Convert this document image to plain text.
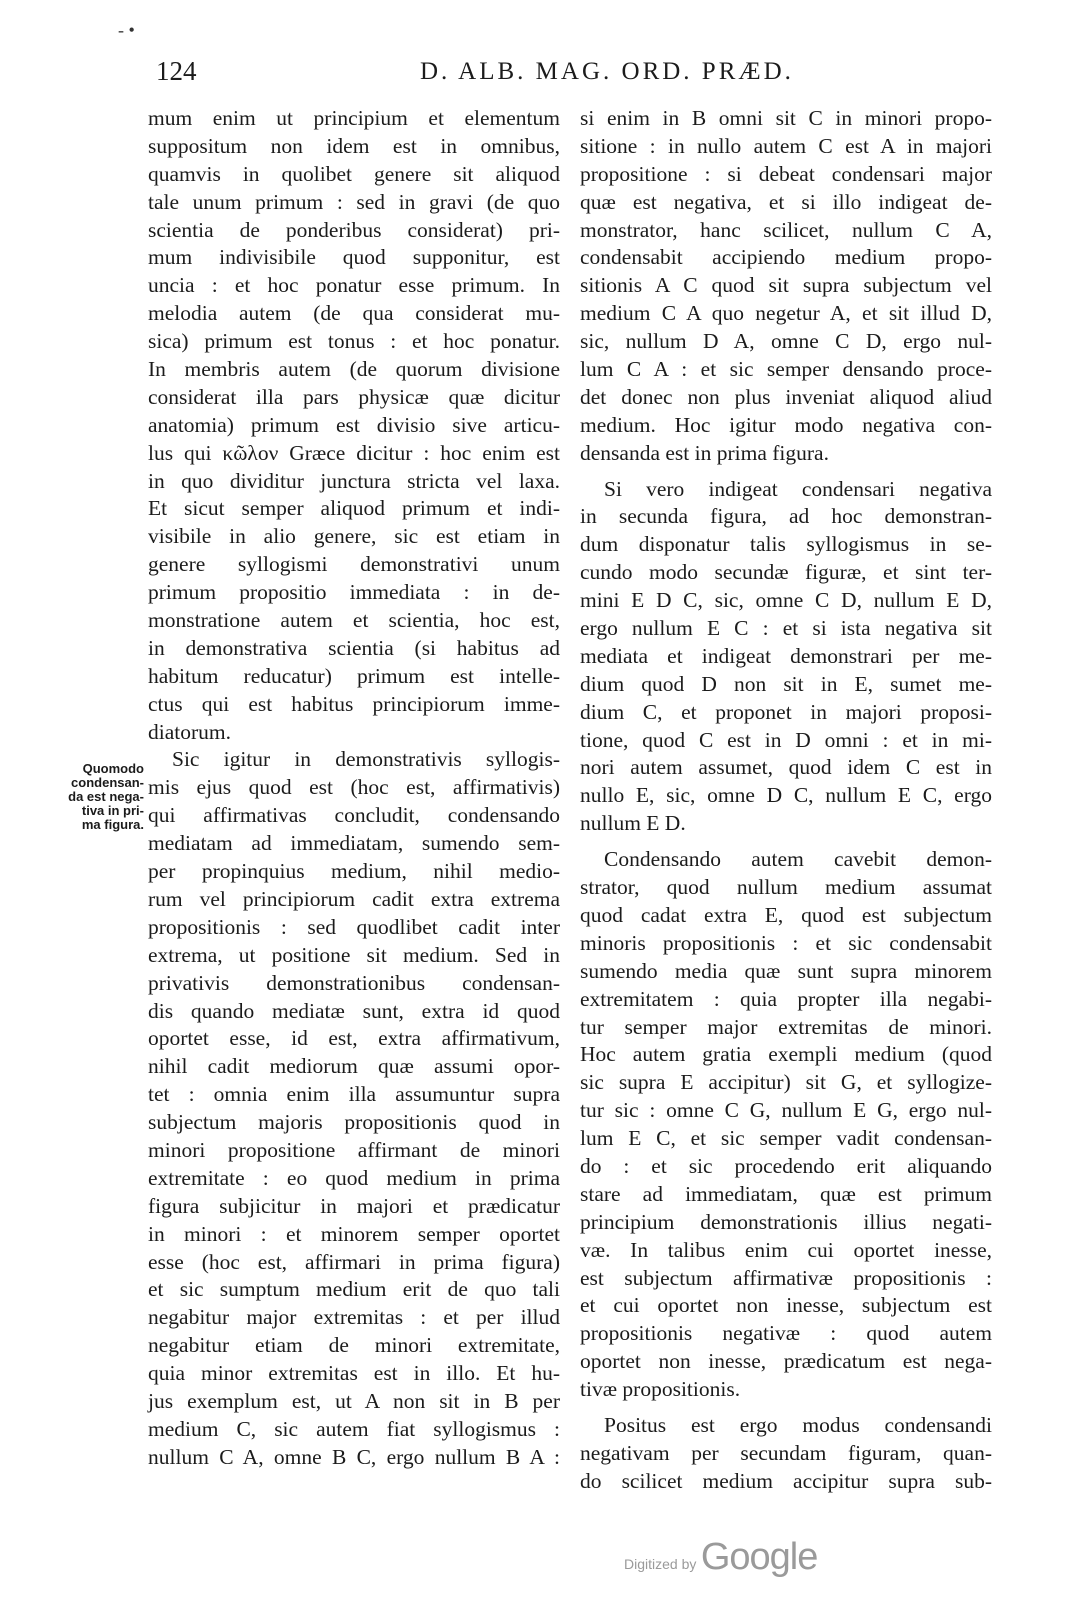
- •
124	D. ALB. MAG. ORD. PRÆD.
Quomodo
condensan-
da est nega-
tiva in pri-
ma figura.
mum enim ut principium et elementum
suppositum non idem est in omnibus,
quamvis in quolibet genere sit aliquod
tale unum primum : sed in gravi (de quo
scientia de ponderibus considerat) pri-
mum indivisibile quod supponitur, est
uncia : et hoc ponatur esse primum. In
melodia autem (de qua considerat mu-
sica) primum est tonus : et hoc ponatur.
In membris autem (de quorum divisione
considerat illa pars physicæ quæ dicitur
anatomia) primum est divisio sive articu-
lus qui κῶλον Græce dicitur : hoc enim est
in quo dividitur junctura stricta vel laxa.
Et sicut semper aliquod primum et indi-
visibile in alio genere, sic est etiam in
genere syllogismi demonstrativi unum
primum propositio immediata : in de-
monstratione autem et scientia, hoc est,
in demonstrativa scientia (si habitus ad
habitum reducatur) primum est intelle-
ctus qui est habitus principiorum imme-
diatorum.
Sic igitur in demonstrativis syllogis-
mis ejus quod est (hoc est, affirmativis)
qui affirmativas concludit, condensando
mediatam ad immediatam, sumendo sem-
per propinquius medium, nihil medio-
rum vel principiorum cadit extra extrema
propositionis : sed quodlibet cadit inter
extrema, ut positione sit medium. Sed in
privativis demonstrationibus condensan-
dis quando mediatæ sunt, extra id quod
oportet esse, id est, extra affirmativum,
nihil cadit mediorum quæ assumi opor-
tet : omnia enim illa assumuntur supra
subjectum majoris propositionis quod in
minori propositione affirmant de minori
extremitate : eo quod medium in prima
figura subjicitur in majori et prædicatur
in minori : et minorem semper oportet
esse (hoc est, affirmari in prima figura)
et sic sumptum medium erit de quo tali
negabitur major extremitas : et per illud
negabitur etiam de minori extremitate,
quia minor extremitas est in illo. Et hu-
jus exemplum est, ut A non sit in B per
medium C, sic autem fiat syllogismus :
nullum C A, omne B C, ergo nullum B A :
si enim in B omni sit C in minori propo-
sitione : in nullo autem C est A in majori
propositione : si debeat condensari major
quæ est negativa, et si illo indigeat de-
monstrator, hanc scilicet, nullum C A,
condensabit accipiendo medium propo-
sitionis A C quod sit supra subjectum vel
medium C A quo negetur A, et sit illud D,
sic, nullum D A, omne C D, ergo nul-
lum C A : et sic semper densando proce-
det donec non plus inveniat aliquod aliud
medium. Hoc igitur modo negativa con-
densanda est in prima figura.
Si vero indigeat condensari negativa
in secunda figura, ad hoc demonstran-
dum disponatur talis syllogismus in se-
cundo modo secundæ figuræ, et sint ter-
mini E D C, sic, omne C D, nullum E D,
ergo nullum E C : et si ista negativa sit
mediata et indigeat demonstrari per me-
dium quod D non sit in E, sumet me-
dium C, et proponet in majori proposi-
tione, quod C est in D omni : et in mi-
nori autem assumet, quod idem C est in
nullo E, sic, omne D C, nullum E C, ergo
nullum E D.
Condensando autem cavebit demon-
strator, quod nullum medium assumat
quod cadat extra E, quod est subjectum
minoris propositionis : et sic condensabit
sumendo media quæ sunt supra minorem
extremitatem : quia propter illa negabi-
tur semper major extremitas de minori.
Hoc autem gratia exempli medium (quod
sic supra E accipitur) sit G, et syllogize-
tur sic : omne C G, nullum E G, ergo nul-
lum E C, et sic semper vadit condensan-
do : et sic procedendo erit aliquando
stare ad immediatam, quæ est primum
principium demonstrationis illius negati-
væ. In talibus enim cui oportet inesse,
est subjectum affirmativæ propositionis :
et cui oportet non inesse, subjectum est
propositionis negativæ : quod autem
oportet non inesse, prædicatum est nega-
tivæ propositionis.
Positus est ergo modus condensandi
negativam per secundam figuram, quan-
do scilicet medium accipitur supra sub-
Digitized by Google
